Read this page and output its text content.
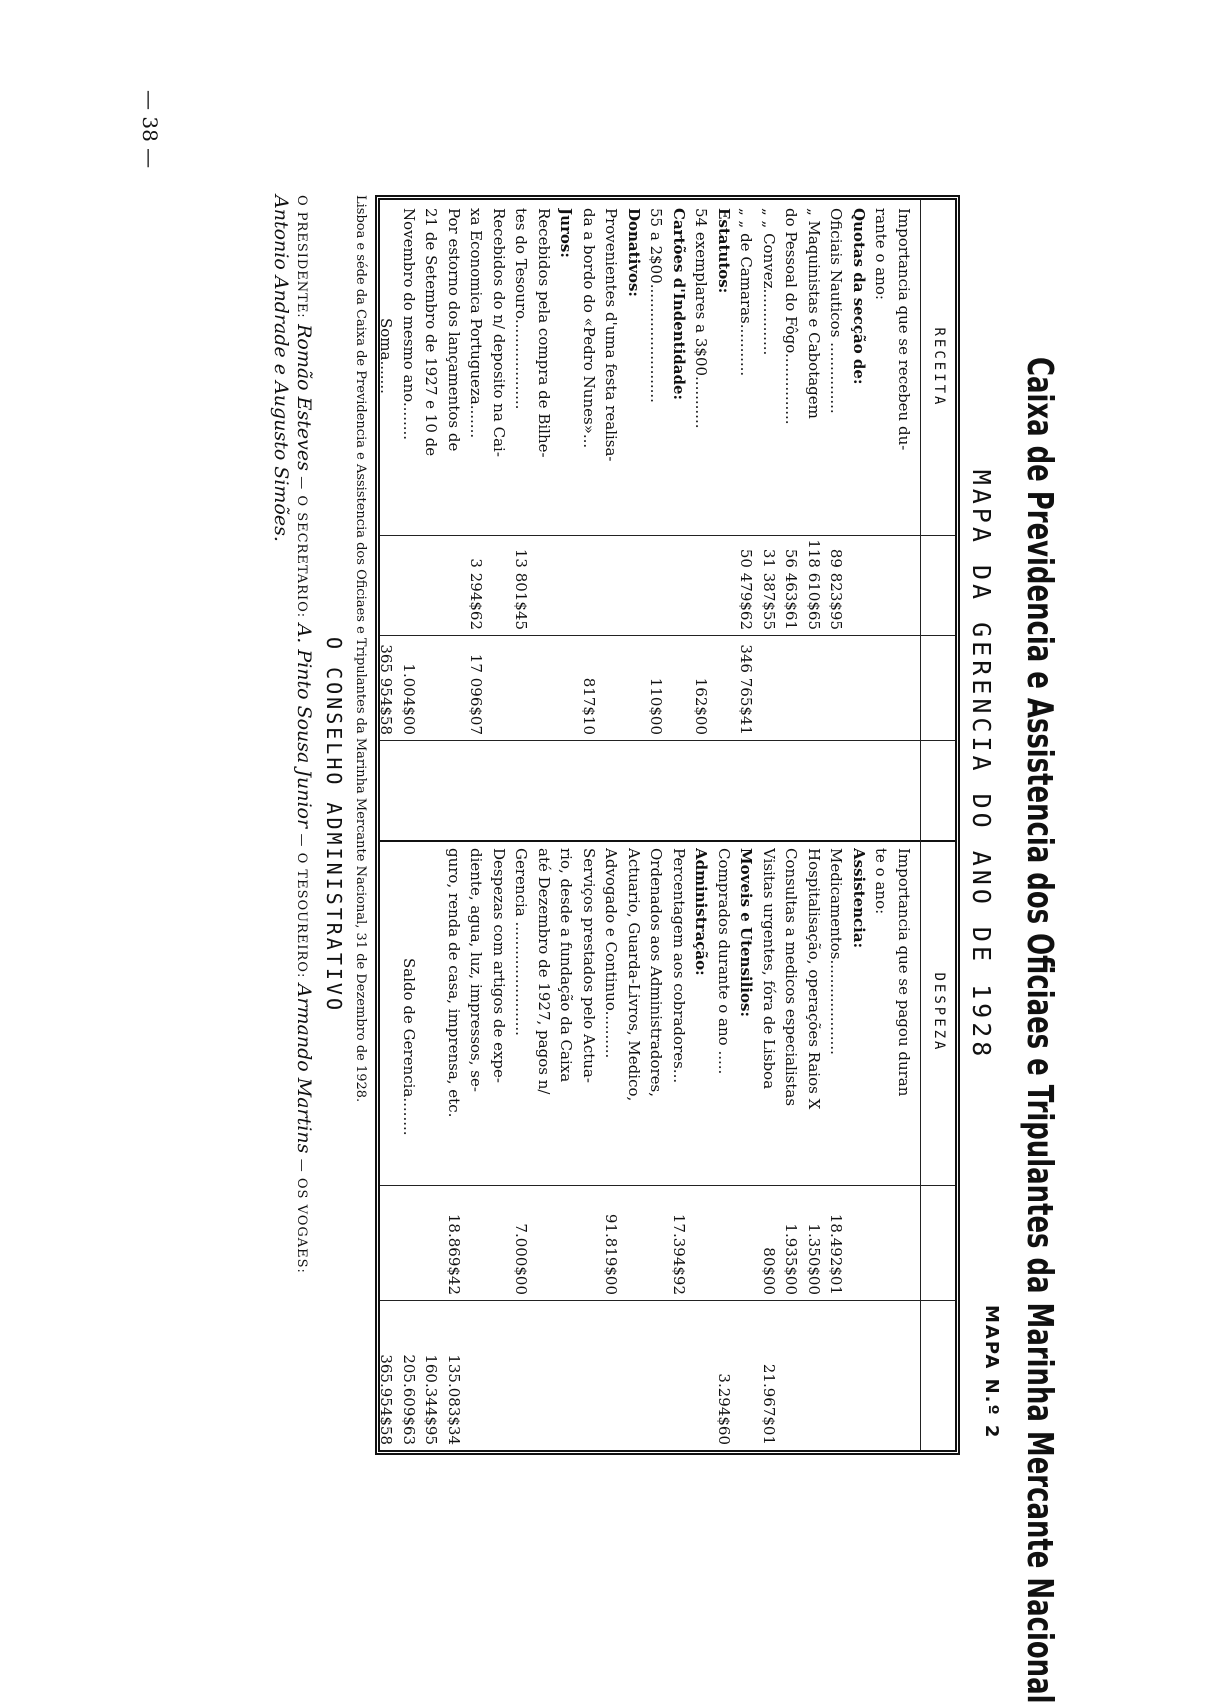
— 38 —
Caixa de Previdencia e Assistencia dos Oficiaes e Tripulantes da Marinha Mercante Nacional
MAPA N.º 2
MAPA DA GERENCIA DO ANO DE 1928
RECEITA
DESPEZA
Importancia que se recebeu du-
rante o ano:
Quotas da secção de:
Oficiais Nauticos ...............
89 823$95
„ Maquinistas e Cabotagem
118 610$65
do Pessoal do Fôgo...............
56 463$61
„ „ Convez..............
31 387$55
„ „ de Camaras...........
50 479$62
346 765$41
Estatutos:
54 exemplares a 3$00...........
162$00
Cartões d'Indentidade:
55 a 2$00.........................
110$00
Donativos:
Provenientes d'uma festa realisa-
da a bordo do «Pedro Nunes»...
817$10
Juros:
Recebidos pela compra de Bilhe-
tes do Tesouro...................
13 801$45
Recebidos do n/ deposito na Cai-
xa Economica Portugueza.......
3 294$62
17 096$07
Por estorno dos lançamentos de
21 de Setembro de 1927 e 10 de
Novembro do mesmo ano........
1.004$00
Soma.......
365 954$58
Importancia que se pagou duran
te o ano:
Assistencia:
Medicamentos....................
18.492$01
Hospitalisação, operações Raios X
1.350$00
Consultas a medicos especialistas
1.935$00
Visitas urgentes, fóra de Lisboa
80$00
21.967$01
Moveis e Utensilios:
Comprados durante o ano .....
3.294$60
Administração:
Percentagem aos cobradores...
17.394$92
Ordenados aos Administradores,
Actuario, Guarda-Livros, Medico,
Advogado e Continuo..........
91.819$00
Serviços prestados pelo Actua-
rio, desde a fundação da Caixa
até Dezembro de 1927, pagos n/
Gerencia ........................
7.000$00
Despezas com artigos de expe-
diente, agua, luz, impressos, se-
guro, renda de casa, imprensa, etc.
18.869$42
135.083$34
160.344$95
Saldo de Gerencia........
205.609$63
365.954$58
Lisboa e séde da Caixa de Previdencia e Assistencia dos Oficiaes e Tripulantes da Marinha Mercante Nacional, 31 de Dezembro de 1928.
O CONSELHO ADMINISTRATIVO
O PRESIDENTE: Romão Esteves — O SECRETARIO: A. Pinto Sousa Junior — O TESOUREIRO: Armando Martins — OS VOGAES:
Antonio Andrade e Augusto Simões.
